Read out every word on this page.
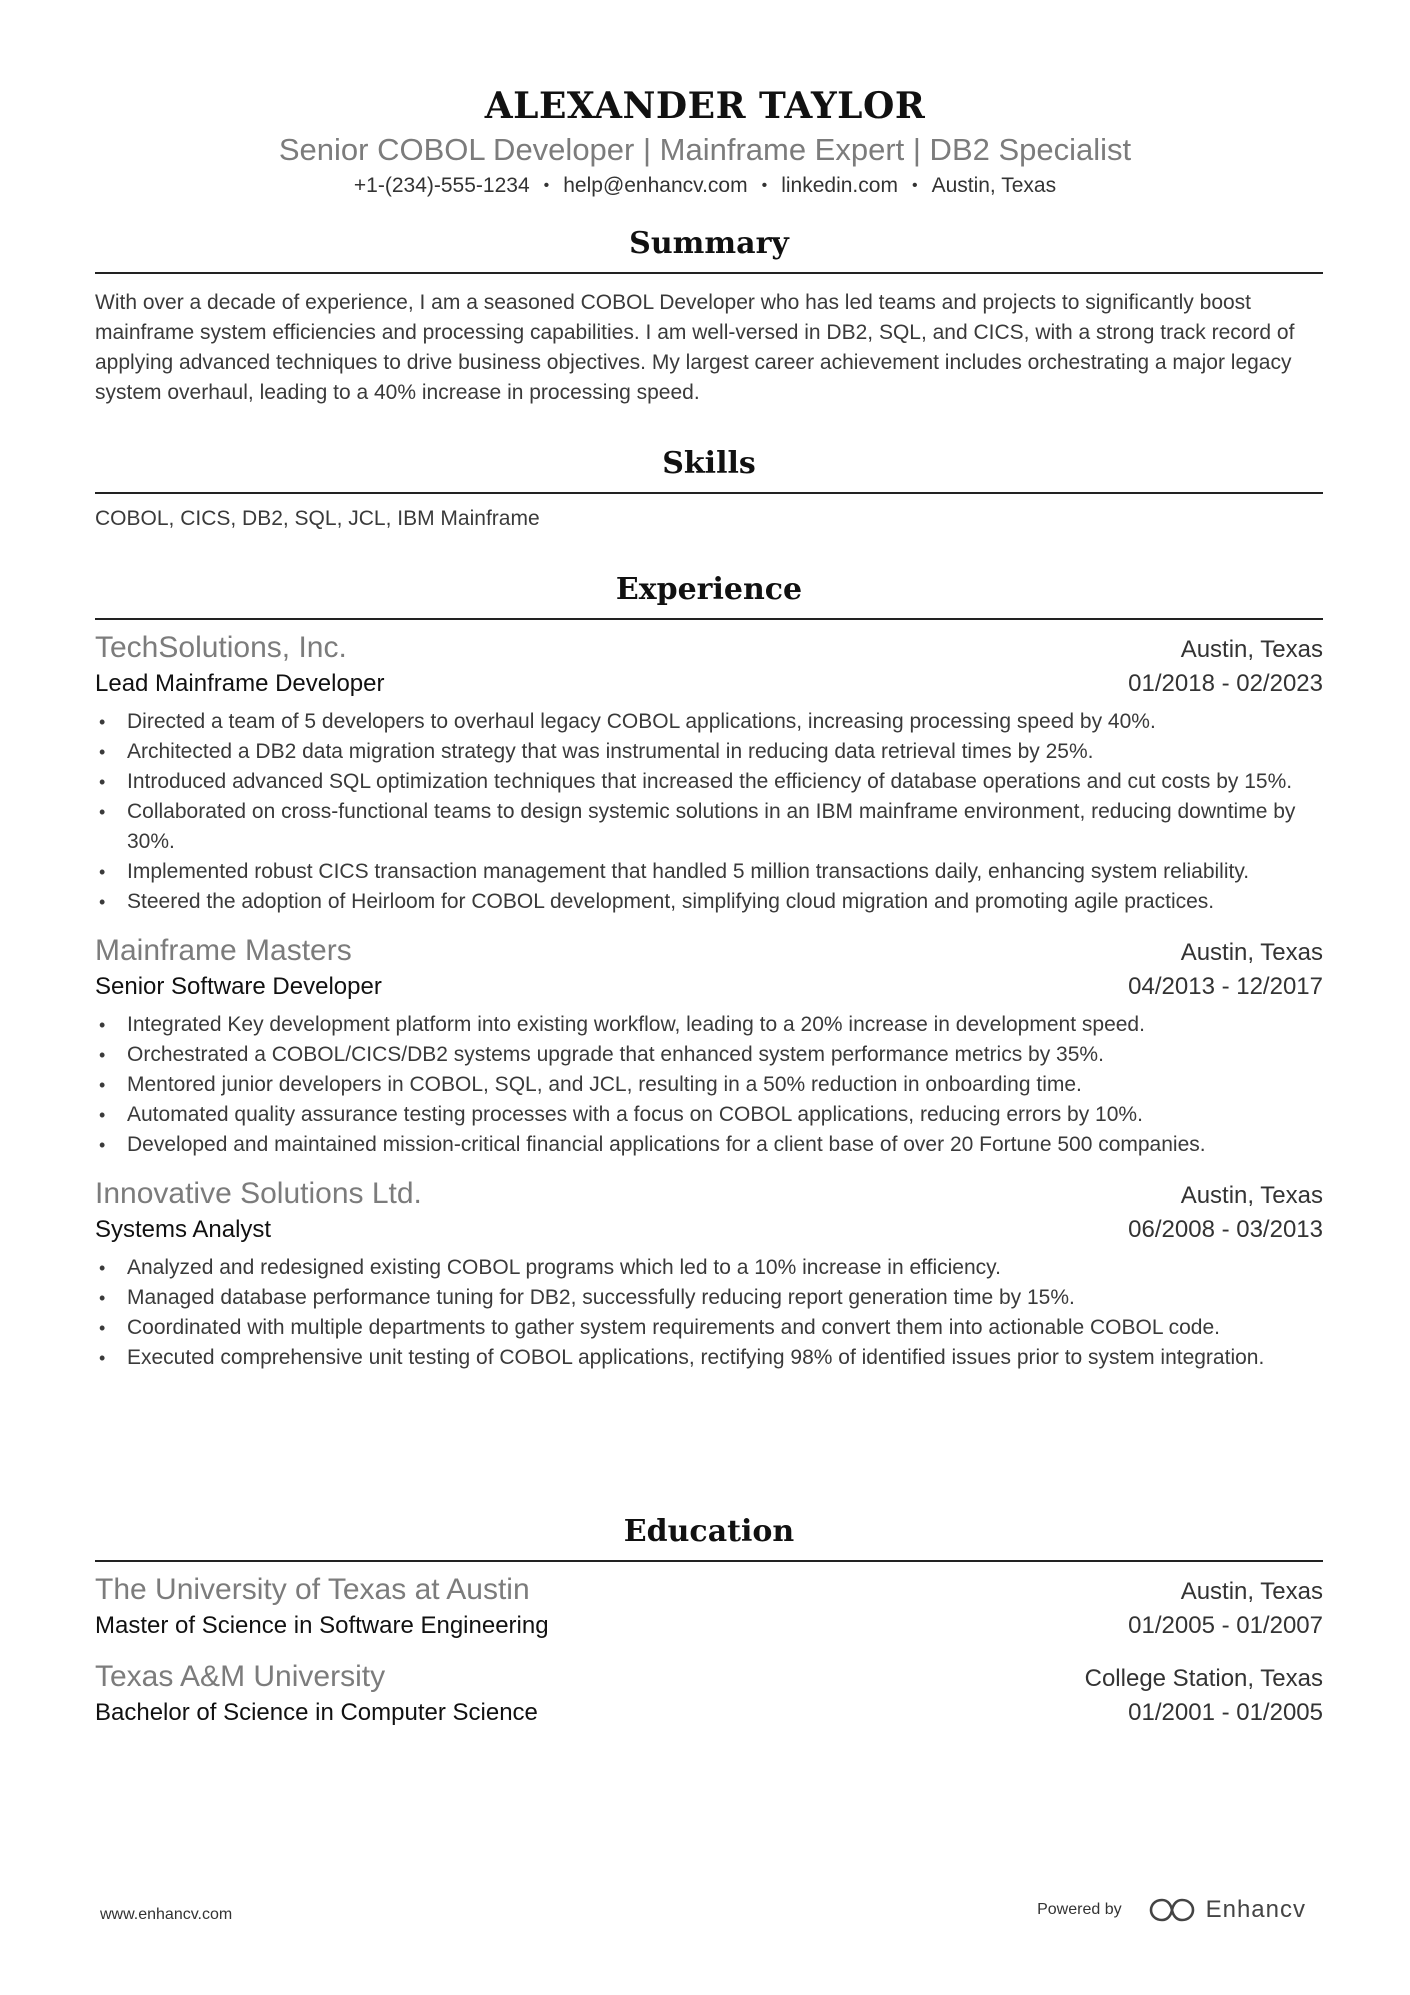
ALEXANDER TAYLOR
Senior COBOL Developer | Mainframe Expert | DB2 Specialist
+1-(234)-555-1234 • help@enhancv.com • linkedin.com • Austin, Texas
Summary
With over a decade of experience, I am a seasoned COBOL Developer who has led teams and projects to significantly boost mainframe system efficiencies and processing capabilities. I am well-versed in DB2, SQL, and CICS, with a strong track record of applying advanced techniques to drive business objectives. My largest career achievement includes orchestrating a major legacy system overhaul, leading to a 40% increase in processing speed.
Skills
COBOL, CICS, DB2, SQL, JCL, IBM Mainframe
Experience
TechSolutions, Inc.	Austin, Texas
Lead Mainframe Developer	01/2018 - 02/2023
• Directed a team of 5 developers to overhaul legacy COBOL applications, increasing processing speed by 40%.
• Architected a DB2 data migration strategy that was instrumental in reducing data retrieval times by 25%.
• Introduced advanced SQL optimization techniques that increased the efficiency of database operations and cut costs by 15%.
• Collaborated on cross-functional teams to design systemic solutions in an IBM mainframe environment, reducing downtime by 30%.
• Implemented robust CICS transaction management that handled 5 million transactions daily, enhancing system reliability.
• Steered the adoption of Heirloom for COBOL development, simplifying cloud migration and promoting agile practices.
Mainframe Masters	Austin, Texas
Senior Software Developer	04/2013 - 12/2017
• Integrated Key development platform into existing workflow, leading to a 20% increase in development speed.
• Orchestrated a COBOL/CICS/DB2 systems upgrade that enhanced system performance metrics by 35%.
• Mentored junior developers in COBOL, SQL, and JCL, resulting in a 50% reduction in onboarding time.
• Automated quality assurance testing processes with a focus on COBOL applications, reducing errors by 10%.
• Developed and maintained mission-critical financial applications for a client base of over 20 Fortune 500 companies.
Innovative Solutions Ltd.	Austin, Texas
Systems Analyst	06/2008 - 03/2013
• Analyzed and redesigned existing COBOL programs which led to a 10% increase in efficiency.
• Managed database performance tuning for DB2, successfully reducing report generation time by 15%.
• Coordinated with multiple departments to gather system requirements and convert them into actionable COBOL code.
• Executed comprehensive unit testing of COBOL applications, rectifying 98% of identified issues prior to system integration.
Education
The University of Texas at Austin	Austin, Texas
Master of Science in Software Engineering	01/2005 - 01/2007
Texas A&M University	College Station, Texas
Bachelor of Science in Computer Science	01/2001 - 01/2005
www.enhancv.com	Powered by	Enhancv
